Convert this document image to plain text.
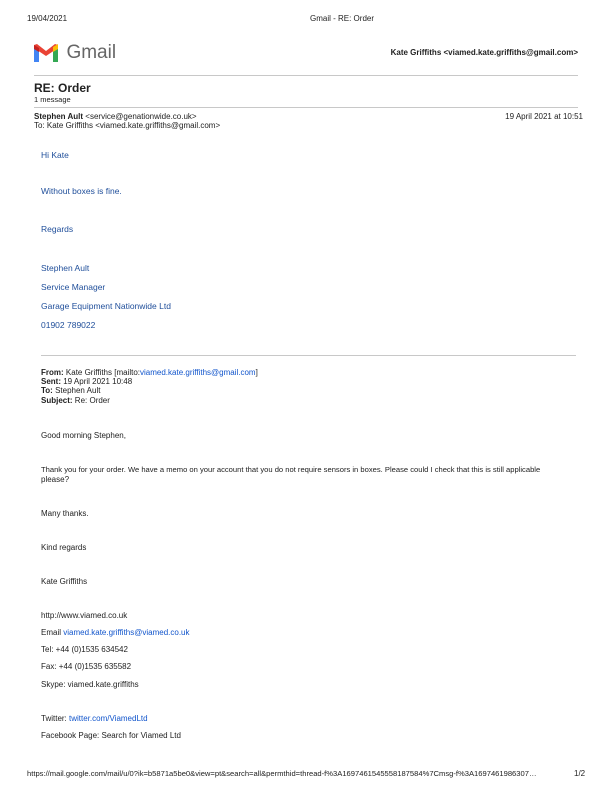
19/04/2021	Gmail - RE: Order
Gmail	Kate Griffiths <viamed.kate.griffiths@gmail.com>
RE: Order
1 message
Stephen Ault <service@genationwide.co.uk>	19 April 2021 at 10:51
To: Kate Griffiths <viamed.kate.griffiths@gmail.com>
Hi Kate
Without boxes is fine.
Regards
Stephen Ault
Service Manager
Garage Equipment Nationwide Ltd
01902 789022
From: Kate Griffiths [mailto:viamed.kate.griffiths@gmail.com]
Sent: 19 April 2021 10:48
To: Stephen Ault
Subject: Re: Order
Good morning Stephen,
Thank you for your order. We have a memo on your account that you do not require sensors in boxes. Please could I check that this is still applicable
please?
Many thanks.
Kind regards
Kate Griffiths
http://www.viamed.co.uk
Email viamed.kate.griffiths@viamed.co.uk
Tel: +44 (0)1535 634542
Fax: +44 (0)1535 635582
Skype: viamed.kate.griffiths
Twitter: twitter.com/ViamedLtd
Facebook Page: Search for Viamed Ltd
https://mail.google.com/mail/u/0?ik=b5871a5be0&view=pt&search=all&permthid=thread-f%3A1697461545558187584%7Cmsg-f%3A1697461986307…	1/2
